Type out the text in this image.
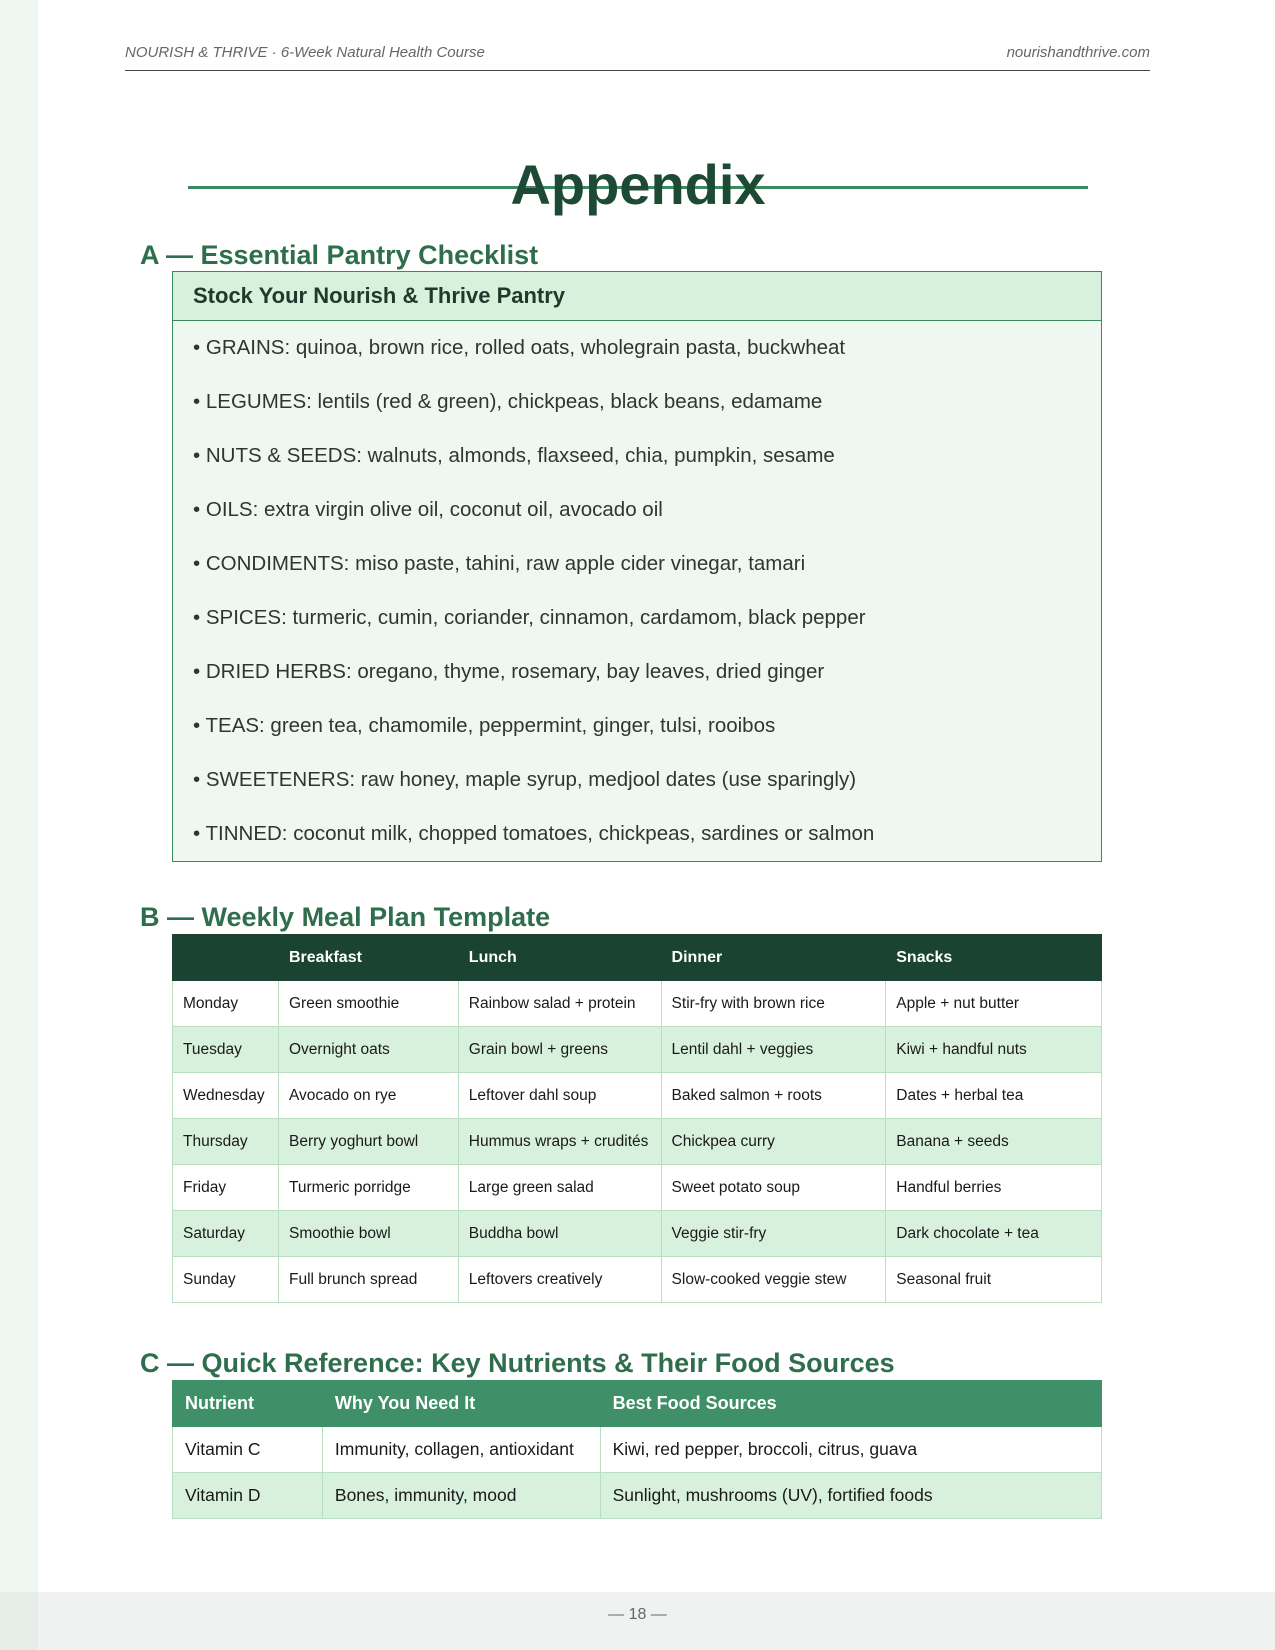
NOURISH & THRIVE · 6-Week Natural Health Course	nourishandthrive.com
Appendix
A — Essential Pantry Checklist
Stock Your Nourish & Thrive Pantry
• GRAINS: quinoa, brown rice, rolled oats, wholegrain pasta, buckwheat
• LEGUMES: lentils (red & green), chickpeas, black beans, edamame
• NUTS & SEEDS: walnuts, almonds, flaxseed, chia, pumpkin, sesame
• OILS: extra virgin olive oil, coconut oil, avocado oil
• CONDIMENTS: miso paste, tahini, raw apple cider vinegar, tamari
• SPICES: turmeric, cumin, coriander, cinnamon, cardamom, black pepper
• DRIED HERBS: oregano, thyme, rosemary, bay leaves, dried ginger
• TEAS: green tea, chamomile, peppermint, ginger, tulsi, rooibos
• SWEETENERS: raw honey, maple syrup, medjool dates (use sparingly)
• TINNED: coconut milk, chopped tomatoes, chickpeas, sardines or salmon
B — Weekly Meal Plan Template
	Breakfast	Lunch	Dinner	Snacks
Monday	Green smoothie	Rainbow salad + protein	Stir-fry with brown rice	Apple + nut butter
Tuesday	Overnight oats	Grain bowl + greens	Lentil dahl + veggies	Kiwi + handful nuts
Wednesday	Avocado on rye	Leftover dahl soup	Baked salmon + roots	Dates + herbal tea
Thursday	Berry yoghurt bowl	Hummus wraps + crudités	Chickpea curry	Banana + seeds
Friday	Turmeric porridge	Large green salad	Sweet potato soup	Handful berries
Saturday	Smoothie bowl	Buddha bowl	Veggie stir-fry	Dark chocolate + tea
Sunday	Full brunch spread	Leftovers creatively	Slow-cooked veggie stew	Seasonal fruit
C — Quick Reference: Key Nutrients & Their Food Sources
Nutrient	Why You Need It	Best Food Sources
Vitamin C	Immunity, collagen, antioxidant	Kiwi, red pepper, broccoli, citrus, guava
Vitamin D	Bones, immunity, mood	Sunlight, mushrooms (UV), fortified foods
— 18 —
